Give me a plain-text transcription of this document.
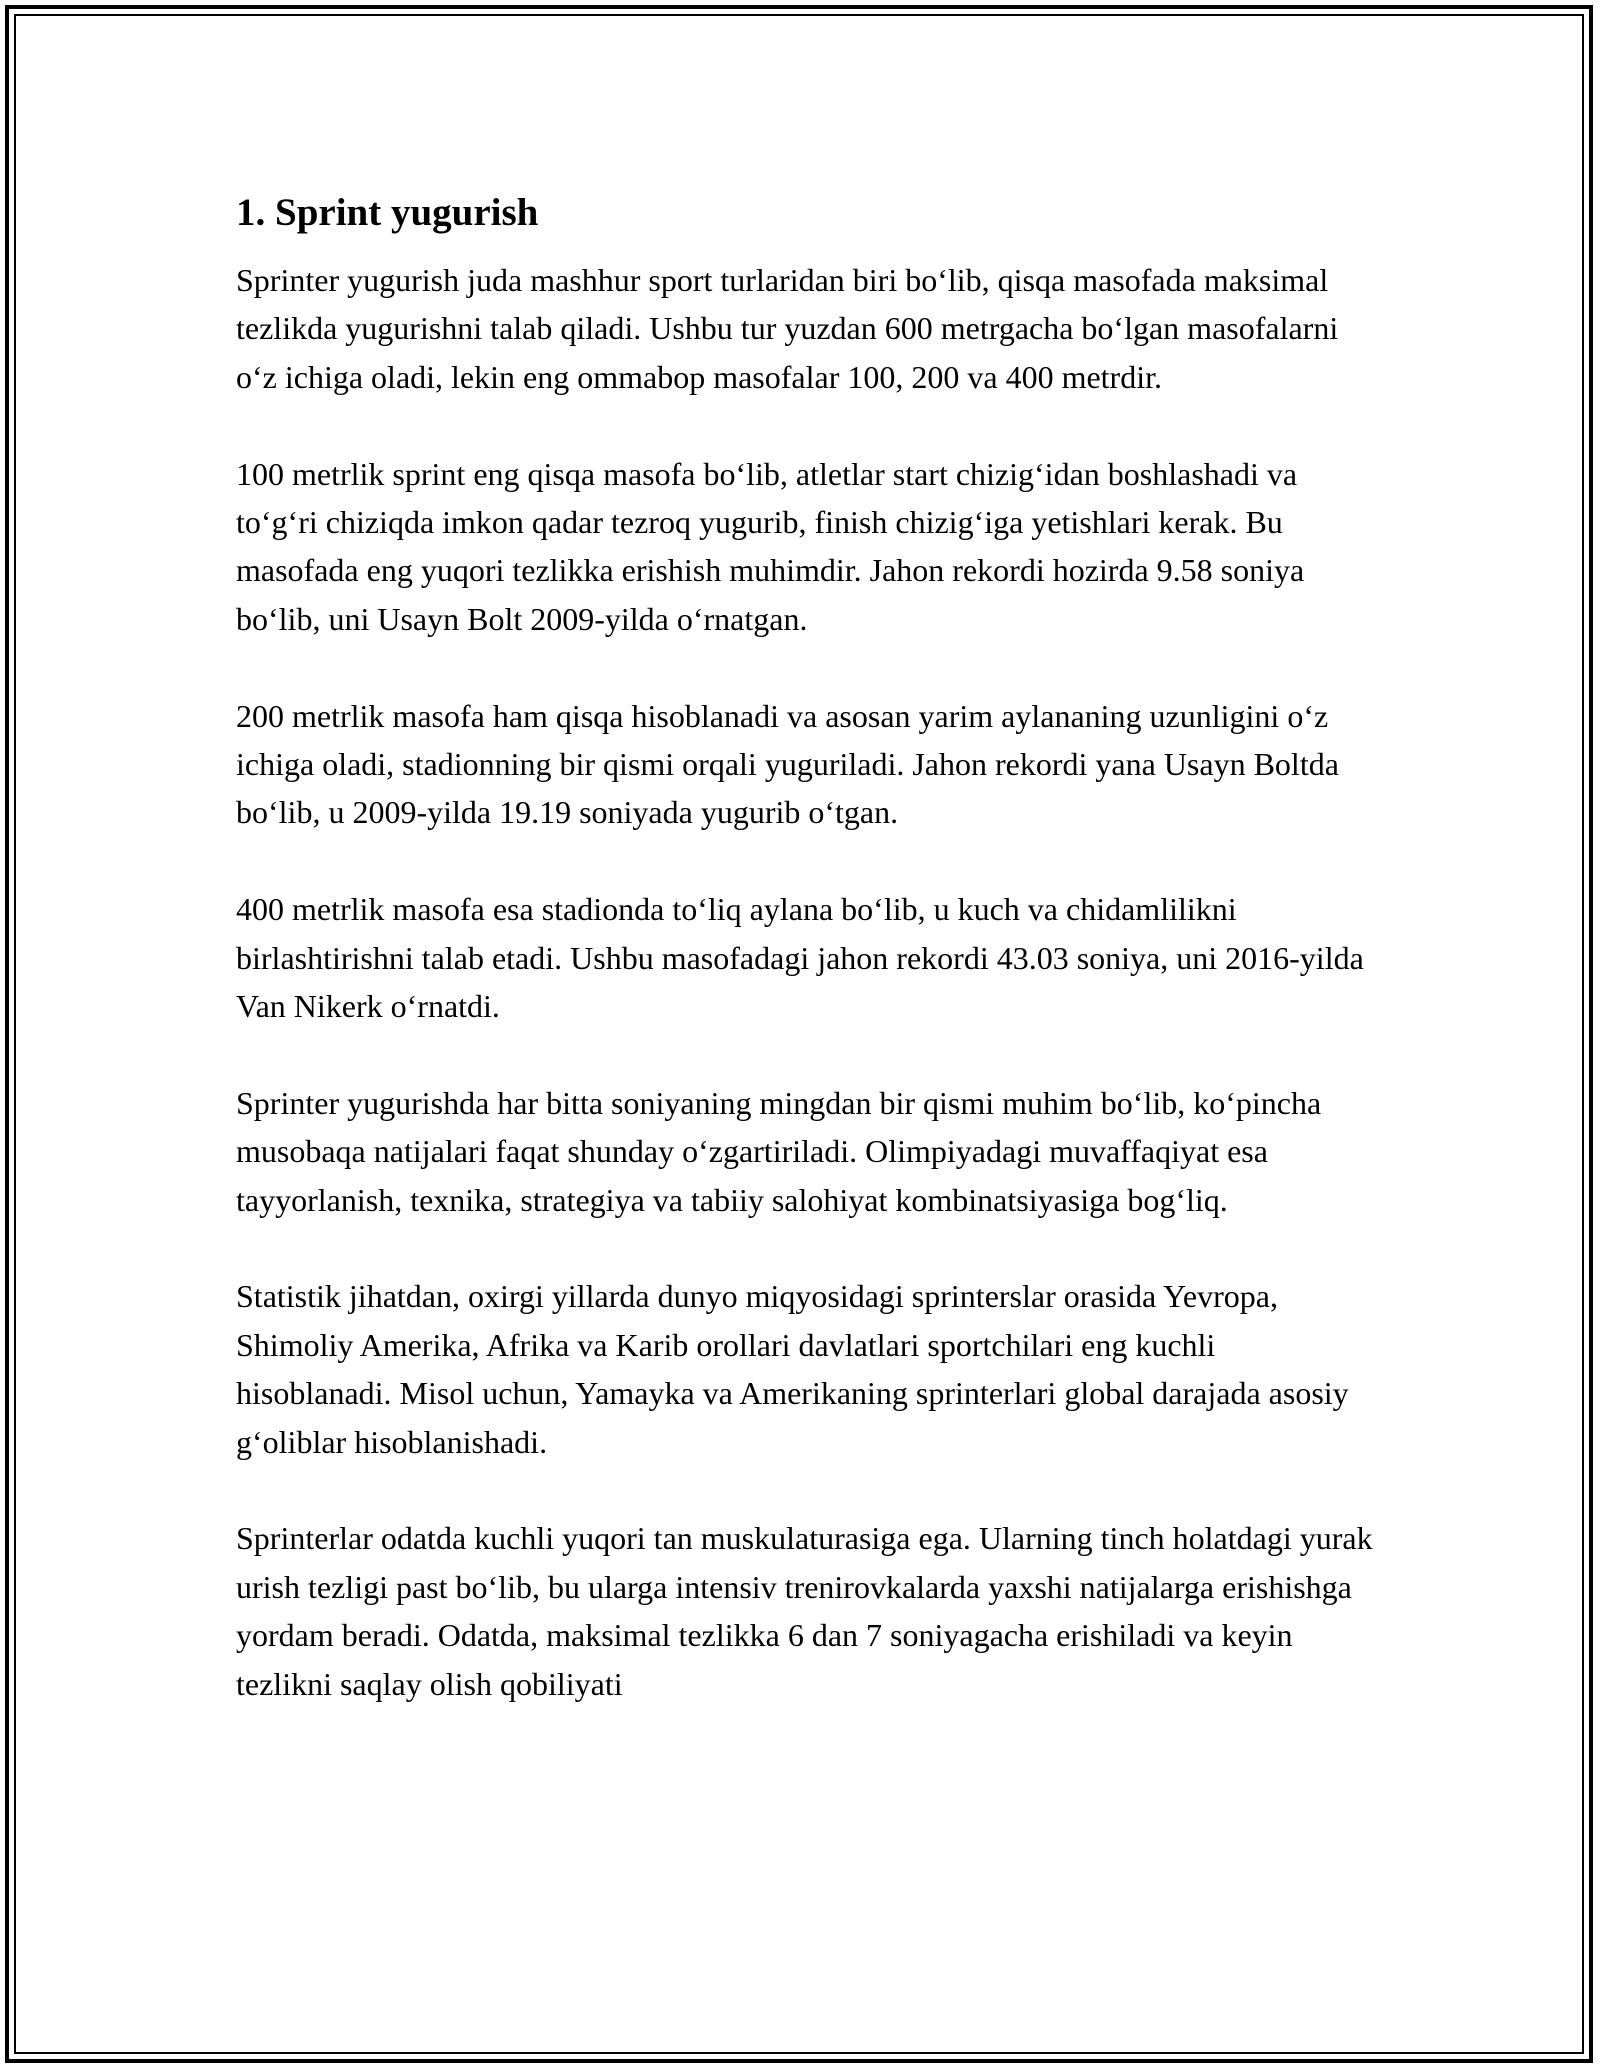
1. Sprint yugurish

Sprinter yugurish juda mashhur sport turlaridan biri boʻlib, qisqa masofada maksimal tezlikda yugurishni talab qiladi. Ushbu tur yuzdan 600 metrgacha boʻlgan masofalarni oʻz ichiga oladi, lekin eng ommabop masofalar 100, 200 va 400 metrdir.

100 metrlik sprint eng qisqa masofa boʻlib, atletlar start chizigʻidan boshlashadi va toʻgʻri chiziqda imkon qadar tezroq yugurib, finish chizigʻiga yetishlari kerak. Bu masofada eng yuqori tezlikka erishish muhimdir. Jahon rekordi hozirda 9.58 soniya boʻlib, uni Usayn Bolt 2009-yilda oʻrnatgan.

200 metrlik masofa ham qisqa hisoblanadi va asosan yarim aylananing uzunligini oʻz ichiga oladi, stadionning bir qismi orqali yuguriladi. Jahon rekordi yana Usayn Boltda boʻlib, u 2009-yilda 19.19 soniyada yugurib oʻtgan.

400 metrlik masofa esa stadionda toʻliq aylana boʻlib, u kuch va chidamlilikni birlashtirishni talab etadi. Ushbu masofadagi jahon rekordi 43.03 soniya, uni 2016-yilda Van Nikerk oʻrnatdi.

Sprinter yugurishda har bitta soniyaning mingdan bir qismi muhim boʻlib, koʻpincha musobaqa natijalari faqat shunday oʻzgartiriladi. Olimpiyadagi muvaffaqiyat esa tayyorlanish, texnika, strategiya va tabiiy salohiyat kombinatsiyasiga bogʻliq.

Statistik jihatdan, oxirgi yillarda dunyo miqyosidagi sprinterslar orasida Yevropa, Shimoliy Amerika, Afrika va Karib orollari davlatlari sportchilari eng kuchli hisoblanadi. Misol uchun, Yamayka va Amerikaning sprinterlari global darajada asosiy gʻoliblar hisoblanishadi.

Sprinterlar odatda kuchli yuqori tan muskulaturasiga ega. Ularning tinch holatdagi yurak urish tezligi past boʻlib, bu ularga intensiv trenirovkalarda yaxshi natijalarga erishishga yordam beradi. Odatda, maksimal tezlikka 6 dan 7 soniyagacha erishiladi va keyin tezlikni saqlay olish qobiliyati
